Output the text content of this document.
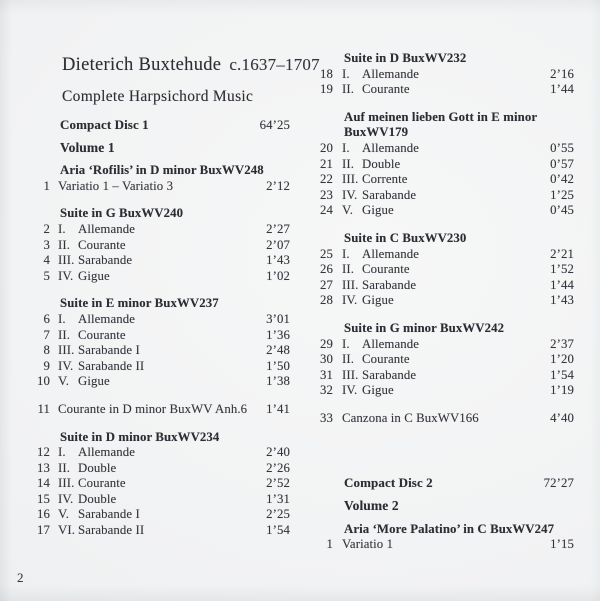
Dieterich Buxtehude c.1637–1707
Complete Harpsichord Music
Compact Disc 1	64’25
Volume 1
Aria ‘Rofilis’ in D minor BuxWV248
1 Variatio 1 – Variatio 3	2’12
Suite in G BuxWV240
2 I. Allemande	2’27
3 II. Courante	2’07
4 III. Sarabande	1’43
5 IV. Gigue	1’02
Suite in E minor BuxWV237
6 I. Allemande	3’01
7 II. Courante	1’36
8 III. Sarabande I	2’48
9 IV. Sarabande II	1’50
10 V. Gigue	1’38
11 Courante in D minor BuxWV Anh.6	1’41
Suite in D minor BuxWV234
12 I. Allemande	2’40
13 II. Double	2’26
14 III. Courante	2’52
15 IV. Double	1’31
16 V. Sarabande I	2’25
17 VI. Sarabande II	1’54
Suite in D BuxWV232
18 I. Allemande	2’16
19 II. Courante	1’44
Auf meinen lieben Gott in E minor
BuxWV179
20 I. Allemande	0’55
21 II. Double	0’57
22 III. Corrente	0’42
23 IV. Sarabande	1’25
24 V. Gigue	0’45
Suite in C BuxWV230
25 I. Allemande	2’21
26 II. Courante	1’52
27 III. Sarabande	1’44
28 IV. Gigue	1’43
Suite in G minor BuxWV242
29 I. Allemande	2’37
30 II. Courante	1’20
31 III. Sarabande	1’54
32 IV. Gigue	1’19
33 Canzona in C BuxWV166	4’40
Compact Disc 2	72’27
Volume 2
Aria ‘More Palatino’ in C BuxWV247
1 Variatio 1	1’15
2
